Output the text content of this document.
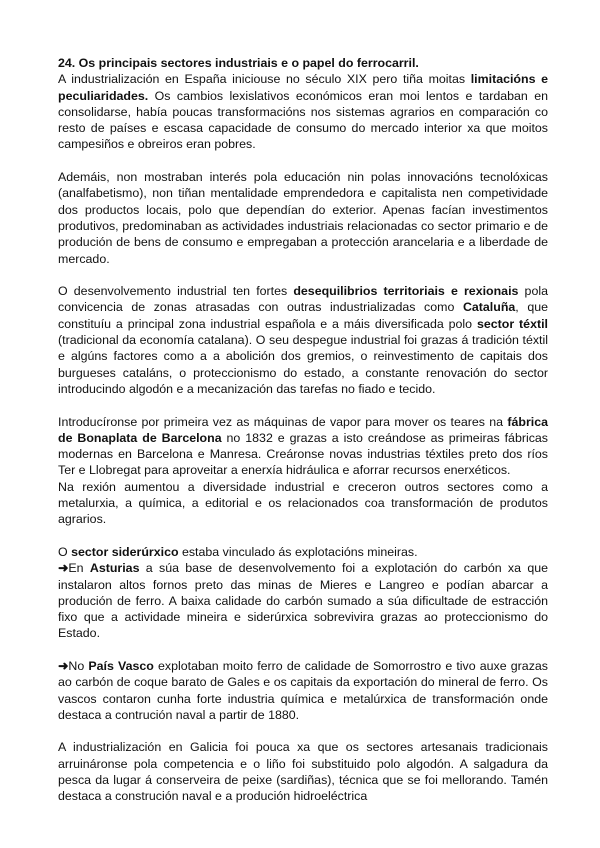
24. Os principais sectores industriais e o papel do ferrocarril.

A industrialización en España iniciouse no século XIX pero tiña moitas limitacións e peculiaridades. Os cambios lexislativos económicos eran moi lentos e tardaban en consolidarse, había poucas transformacións nos sistemas agrarios en comparación co resto de países e escasa capacidade de consumo do mercado interior xa que moitos campesiños e obreiros eran pobres.

Ademáis, non mostraban interés pola educación nin polas innovacións tecnolóxicas (analfabetismo), non tiñan mentalidade emprendedora e capitalista nen competividade dos productos locais, polo que dependían do exterior. Apenas facían investimentos produtivos, predominaban as actividades industriais relacionadas co sector primario e de produción de bens de consumo e empregaban a protección arancelaria e a liberdade de mercado.

O desenvolvemento industrial ten fortes desequilibrios territoriais e rexionais pola convicencia de zonas atrasadas con outras industrializadas como Cataluña, que constituíu a principal zona industrial española e a máis diversificada polo sector téxtil (tradicional da economía catalana). O seu despegue industrial foi grazas á tradición téxtil e algúns factores como a a abolición dos gremios, o reinvestimento de capitais dos burgueses cataláns, o proteccionismo do estado, a constante renovación do sector introducindo algodón e a mecanización das tarefas no fiado e tecido.

Introducíronse por primeira vez as máquinas de vapor para mover os teares na fábrica de Bonaplata de Barcelona no 1832 e grazas a isto creándose as primeiras fábricas modernas en Barcelona e Manresa. Creáronse novas industrias téxtiles preto dos ríos Ter e Llobregat para aproveitar a enerxía hidráulica e aforrar recursos enerxéticos.

Na rexión aumentou a diversidade industrial e creceron outros sectores como a metalurxia, a química, a editorial e os relacionados coa transformación de produtos agrarios.

O sector siderúrxico estaba vinculado ás explotacións mineiras.

➜En Asturias a súa base de desenvolvemento foi a explotación do carbón xa que instalaron altos fornos preto das minas de Mieres e Langreo e podían abarcar a produción de ferro. A baixa calidade do carbón sumado a súa dificultade de estracción fixo que a actividade mineira e siderúrxica sobrevivira grazas ao proteccionismo do Estado.

➜No País Vasco explotaban moito ferro de calidade de Somorrostro e tivo auxe grazas ao carbón de coque barato de Gales e os capitais da exportación do mineral de ferro. Os vascos contaron cunha forte industria química e metalúrxica de transformación onde destaca a contrución naval a partir de 1880.

A industrialización en Galicia foi pouca xa que os sectores artesanais tradicionais arruináronse pola competencia e o liño foi substituido polo algodón. A salgadura da pesca da lugar á conserveira de peixe (sardiñas), técnica que se foi mellorando. Tamén destaca a construción naval e a produción hidroeléctrica
